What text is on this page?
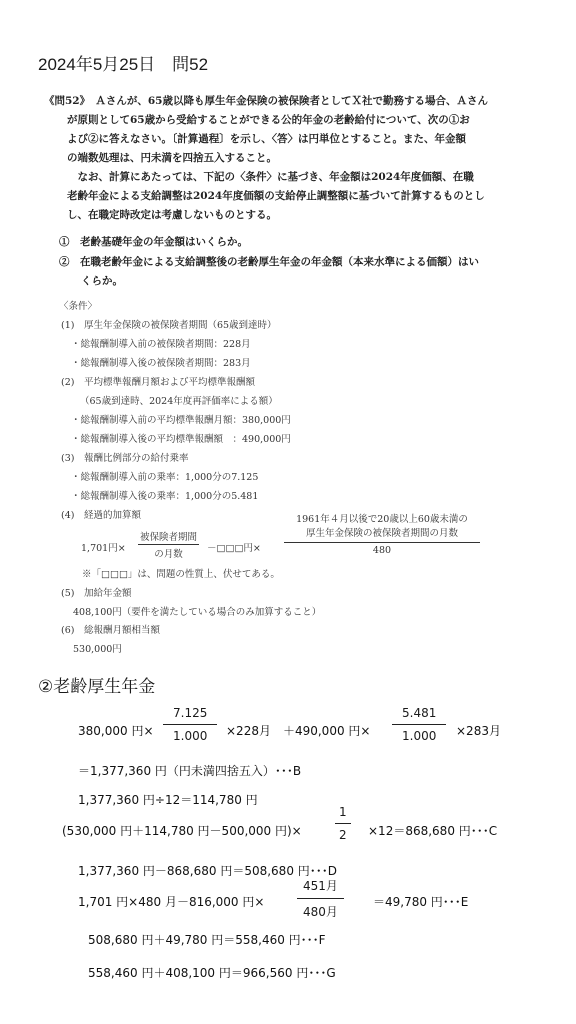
2024年5月25日　問52
《問52》　Ａさんが、65歳以降も厚生年金保険の被保険者としてＸ社で勤務する場合、Ａさん
が原則として65歳から受給することができる公的年金の老齢給付について、次の①お
よび②に答えなさい。〔計算過程〕を示し、〈答〉は円単位とすること。また、年金額
の端数処理は、円未満を四捨五入すること。
　なお、計算にあたっては、下記の〈条件〉に基づき、年金額は2024年度価額、在職
老齢年金による支給調整は2024年度価額の支給停止調整額に基づいて計算するものとし
し、在職定時改定は考慮しないものとする。
①　老齢基礎年金の年金額はいくらか。
②　在職老齢年金による支給調整後の老齢厚生年金の年金額（本来水準による価額）はい
くらか。
〈条件〉
(1)　厚生年金保険の被保険者期間（65歳到達時）
・総報酬制導入前の被保険者期間：228月
・総報酬制導入後の被保険者期間：283月
(2)　平均標準報酬月額および平均標準報酬額
（65歳到達時、2024年度再評価率による額）
・総報酬制導入前の平均標準報酬月額：380,000円
・総報酬制導入後の平均標準報酬額　：490,000円
(3)　報酬比例部分の給付乗率
・総報酬制導入前の乗率：1,000分の7.125
・総報酬制導入後の乗率：1,000分の5.481
(4)　経過的加算額
1,701円×
被保険者期間
の月数
－□□□円×
1961年４月以後で20歳以上60歳未満の
厚生年金保険の被保険者期間の月数
480
※「□□□」は、問題の性質上、伏せてある。
(5)　加給年金額
408,100円（要件を満たしている場合のみ加算すること）
(6)　総報酬月額相当額
530,000円
②老齢厚生年金
380,000 円× $\frac{7.125}{1.000} \times 228$月　＋490,000 円× $\frac{5.481}{1.000} \times 283$月
＝1,377,360 円（円未満四捨五入）･･･B
1,377,360 円÷12＝114,780 円
(530,000 円＋114,780 円－500,000 円)×	$\frac{1}{2} \times 12=868,680$ 円･･･C
1,377,360 円－868,680 円＝508,680 円･･･D
1,701 円×480 月－816,000 円×
451月
480月
＝49,780 円･･･E
508,680 円＋49,780 円＝558,460 円･･･F
558,460 円＋408,100 円＝966,560 円･･･G
